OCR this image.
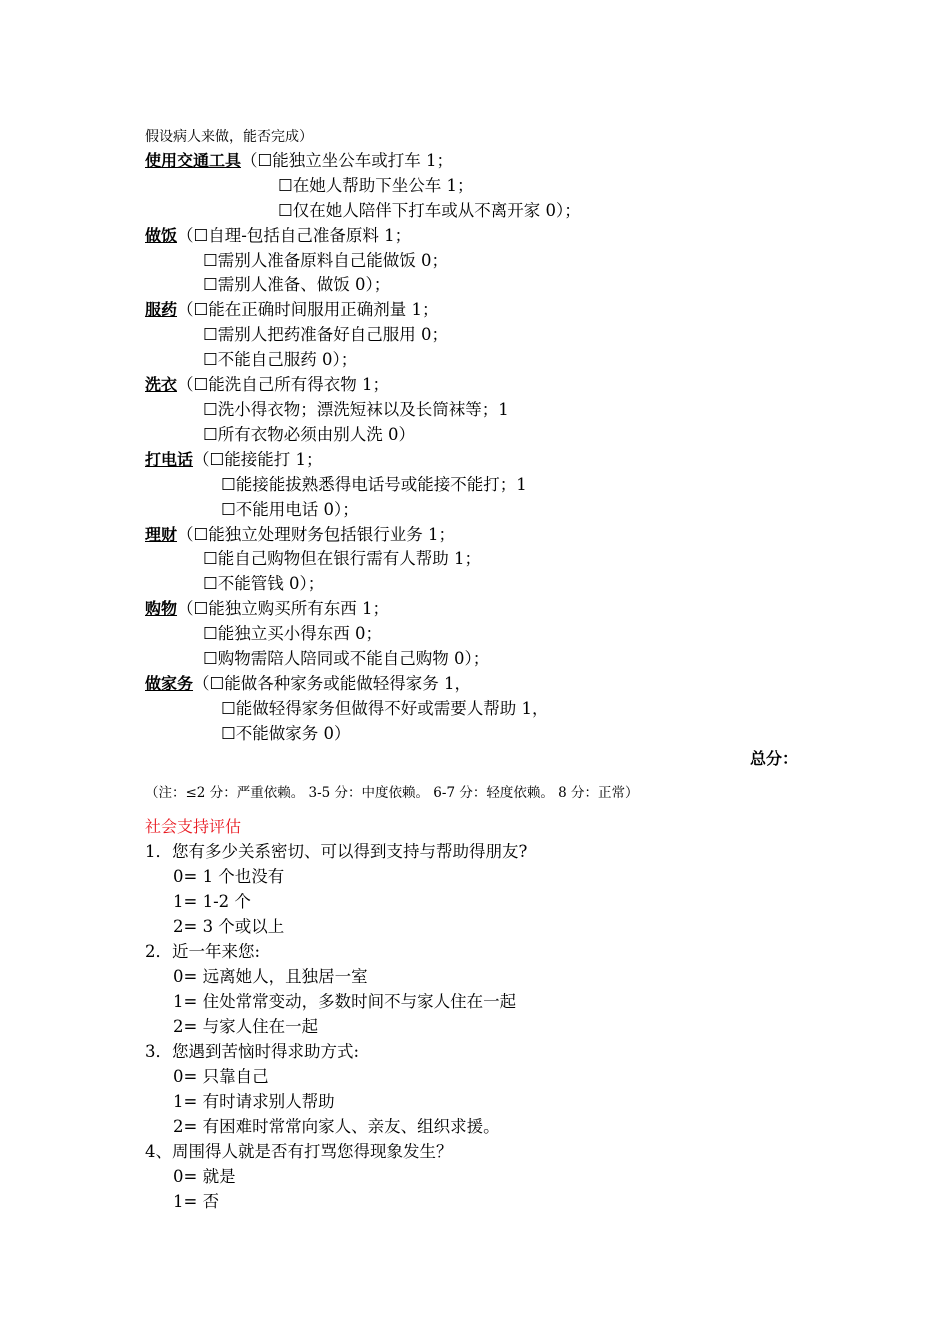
假设病人来做，能否完成）
使用交通工具（☐能独立坐公车或打车 1；
☐在她人帮助下坐公车 1；
☐仅在她人陪伴下打车或从不离开家 0）；
做饭（☐自理-包括自己准备原料 1；
☐需别人准备原料自己能做饭 0；
☐需别人准备、做饭 0）；
服药（☐能在正确时间服用正确剂量 1；
☐需别人把药准备好自己服用 0；
☐不能自己服药 0）；
洗衣（☐能洗自己所有得衣物 1；
☐洗小得衣物；漂洗短袜以及长筒袜等；1
☐所有衣物必须由别人洗 0）
打电话（☐能接能打 1；
☐能接能拔熟悉得电话号或能接不能打；1
☐不能用电话 0）；
理财（☐能独立处理财务包括银行业务 1；
☐能自己购物但在银行需有人帮助 1；
☐不能管钱 0）；
购物（☐能独立购买所有东西 1；
☐能独立买小得东西 0；
☐购物需陪人陪同或不能自己购物 0）；
做家务（☐能做各种家务或能做轻得家务 1，
☐能做轻得家务但做得不好或需要人帮助 1，
☐不能做家务 0）
总分：
（注：≤2 分：严重依赖。 3-5 分：中度依赖。 6-7 分：轻度依赖。 8 分：正常）
社会支持评估
1．您有多少关系密切、可以得到支持与帮助得朋友?
0= 1 个也没有
1= 1-2 个
2= 3 个或以上
2．近一年来您:
0= 远离她人，且独居一室
1= 住处常常变动，多数时间不与家人住在一起
2= 与家人住在一起
3．您遇到苦恼时得求助方式:
0= 只靠自己
1= 有时请求别人帮助
2= 有困难时常常向家人、亲友、组织求援。
4、周围得人就是否有打骂您得现象发生？
0= 就是
1= 否
